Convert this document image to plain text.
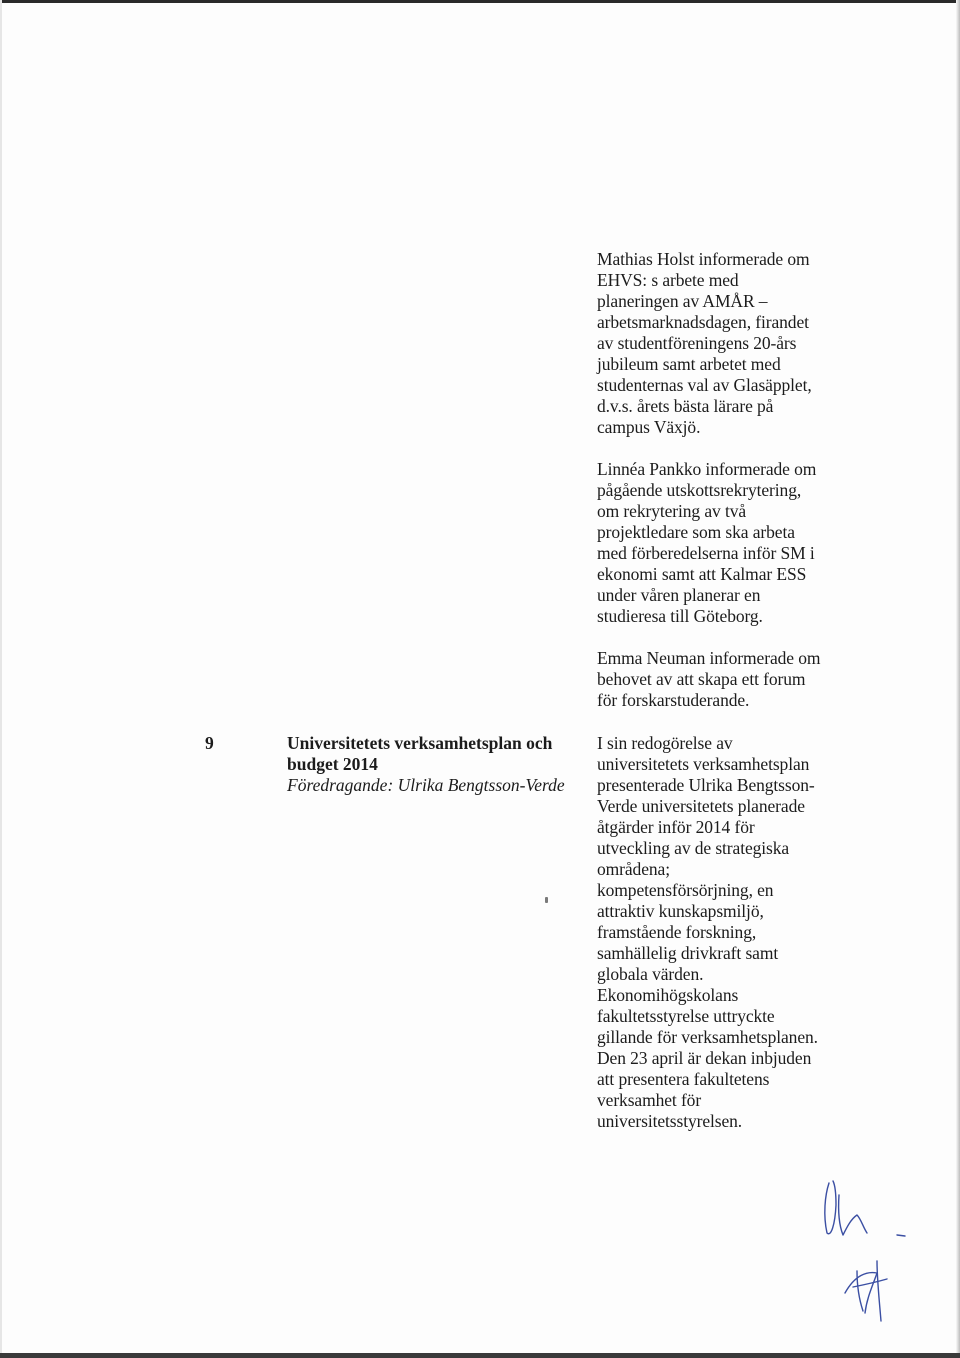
Mathias Holst informerade om
EHVS: s arbete med
planeringen av AMÅR –
arbetsmarknadsdagen, firandet
av studentföreningens 20-års
jubileum samt arbetet med
studenternas val av Glasäpplet,
d.v.s. årets bästa lärare på
campus Växjö.
Linnéa Pankko informerade om
pågående utskottsrekrytering,
om rekrytering av två
projektledare som ska arbeta
med förberedelserna inför SM i
ekonomi samt att Kalmar ESS
under våren planerar en
studieresa till Göteborg.
Emma Neuman informerade om
behovet av att skapa ett forum
för forskarstuderande.
9	Universitetets verksamhetsplan och
budget 2014
Föredragande: Ulrika Bengtsson-Verde
I sin redogörelse av
universitetets verksamhetsplan
presenterade Ulrika Bengtsson-
Verde universitetets planerade
åtgärder inför 2014 för
utveckling av de strategiska
områdena;
kompetensförsörjning, en
attraktiv kunskapsmiljö,
framstående forskning,
samhällelig drivkraft samt
globala värden.
Ekonomihögskolans
fakultetsstyrelse uttryckte
gillande för verksamhetsplanen.
Den 23 april är dekan inbjuden
att presentera fakultetens
verksamhet för
universitetsstyrelsen.
